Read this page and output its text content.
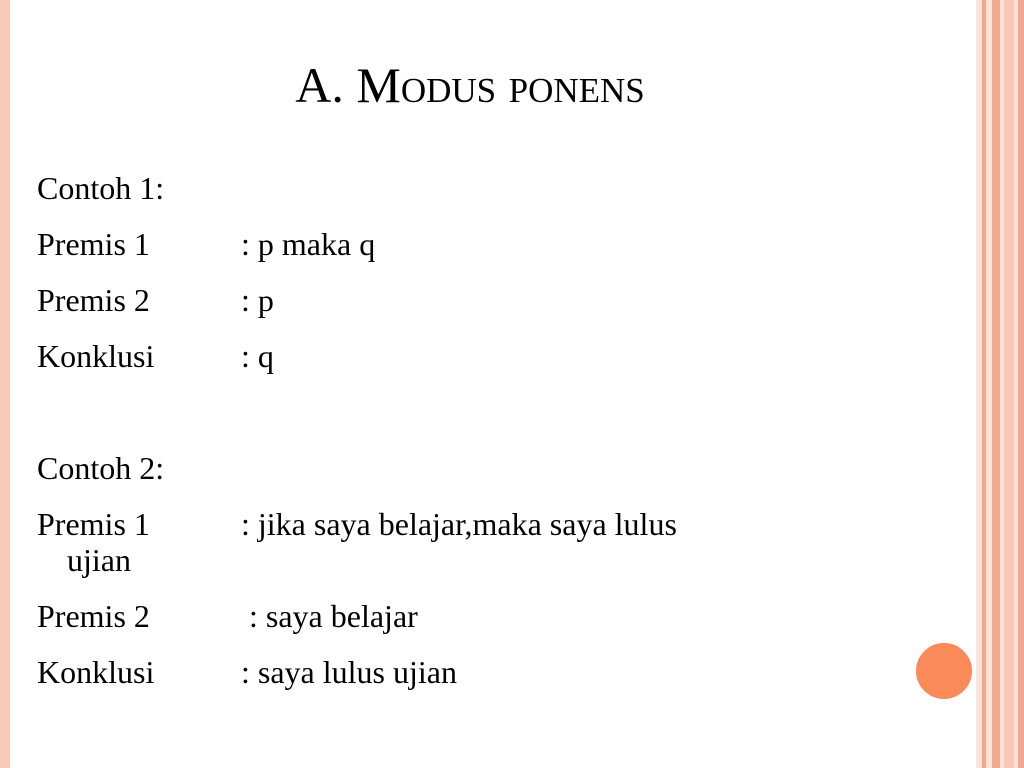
A. Modus ponens
Contoh 1:
Premis 1	: p maka q
Premis 2	: p
Konklusi	: q
Contoh 2:
Premis 1	: jika saya belajar,maka saya lulus
ujian
Premis 2	: saya belajar
Konklusi	: saya lulus ujian
